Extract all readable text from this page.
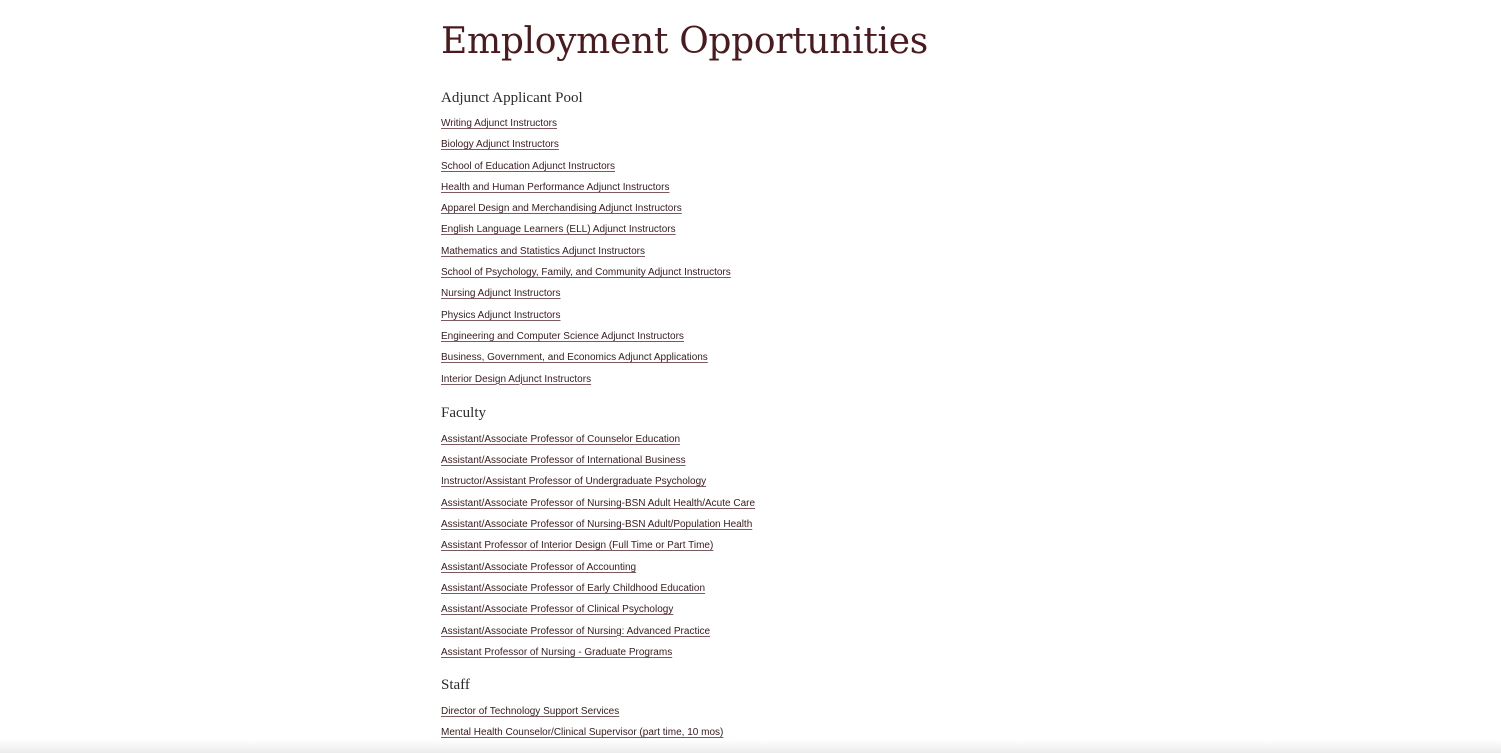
Employment Opportunities
Adjunct Applicant Pool
Writing Adjunct Instructors
Biology Adjunct Instructors
School of Education Adjunct Instructors
Health and Human Performance Adjunct Instructors
Apparel Design and Merchandising Adjunct Instructors
English Language Learners (ELL) Adjunct Instructors
Mathematics and Statistics Adjunct Instructors
School of Psychology, Family, and Community Adjunct Instructors
Nursing Adjunct Instructors
Physics Adjunct Instructors
Engineering and Computer Science Adjunct Instructors
Business, Government, and Economics Adjunct Applications
Interior Design Adjunct Instructors
Faculty
Assistant/Associate Professor of Counselor Education
Assistant/Associate Professor of International Business
Instructor/Assistant Professor of Undergraduate Psychology
Assistant/Associate Professor of Nursing-BSN Adult Health/Acute Care
Assistant/Associate Professor of Nursing-BSN Adult/Population Health
Assistant Professor of Interior Design (Full Time or Part Time)
Assistant/Associate Professor of Accounting
Assistant/Associate Professor of Early Childhood Education
Assistant/Associate Professor of Clinical Psychology
Assistant/Associate Professor of Nursing: Advanced Practice
Assistant Professor of Nursing - Graduate Programs
Staff
Director of Technology Support Services
Mental Health Counselor/Clinical Supervisor (part time, 10 mos)
